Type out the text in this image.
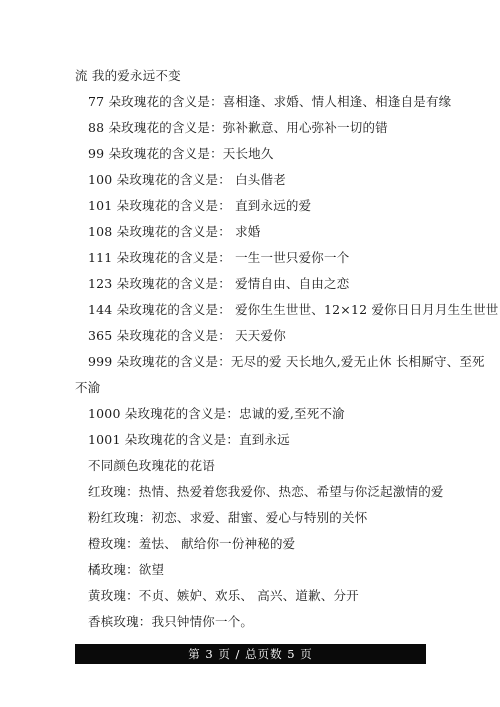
流 我的爱永远不变
77 朵玫瑰花的含义是：喜相逢、求婚、情人相逢、相逢自是有缘
88 朵玫瑰花的含义是：弥补歉意、用心弥补一切的错
99 朵玫瑰花的含义是：天长地久
100 朵玫瑰花的含义是： 白头偕老
101 朵玫瑰花的含义是： 直到永远的爱
108 朵玫瑰花的含义是： 求婚
111 朵玫瑰花的含义是： 一生一世只爱你一个
123 朵玫瑰花的含义是： 爱情自由、自由之恋
144 朵玫瑰花的含义是： 爱你生生世世、12×12 爱你日日月月生生世世
365 朵玫瑰花的含义是： 天天爱你
999 朵玫瑰花的含义是：无尽的爱 天长地久,爱无止休 长相厮守、至死
不渝
1000 朵玫瑰花的含义是：忠诚的爱,至死不渝
1001 朵玫瑰花的含义是：直到永远
不同颜色玫瑰花的花语
红玫瑰：热情、热爱着您我爱你、热恋、希望与你泛起激情的爱
粉红玫瑰：初恋、求爱、甜蜜、爱心与特别的关怀
橙玫瑰：羞怯、 献给你一份神秘的爱
橘玫瑰：欲望
黄玫瑰：不贞、嫉妒、欢乐、 高兴、道歉、分开
香槟玫瑰：我只钟情你一个。
第 3 页 / 总页数 5 页
